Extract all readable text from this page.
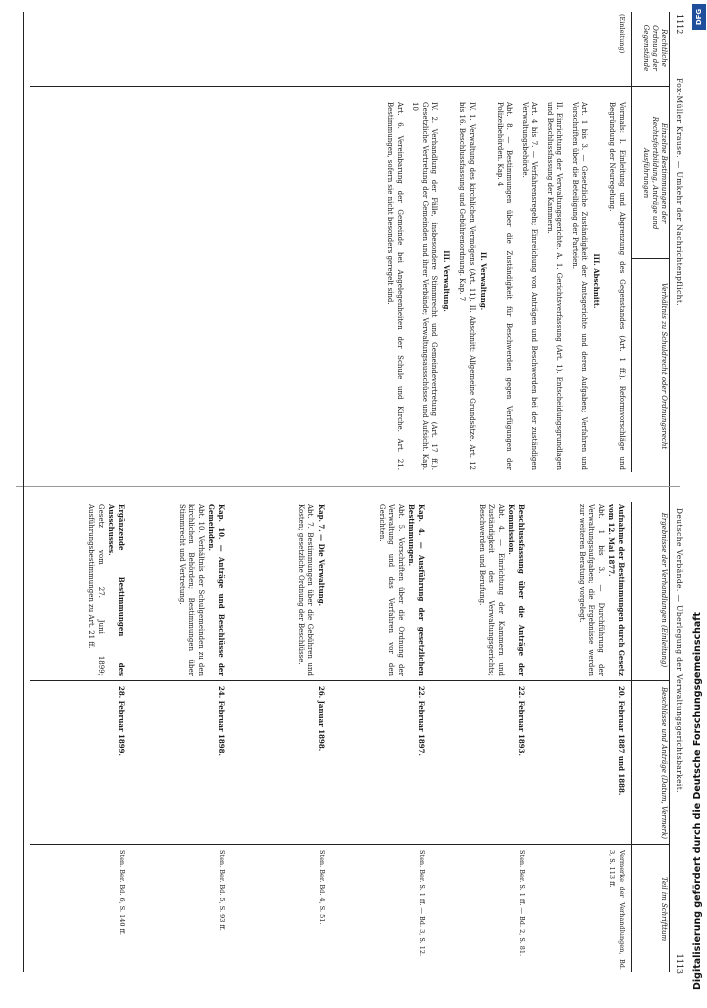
1112
Fox-Müller Krause. — Umkehr der Nachrichtenpflicht.
Deutsche Verbände. — Uberlegung der Verwaltungsgerichtsbarkeit.
1113
Rechtliche Ordnung der Gegenstände
Einzelne Bestimmungen der Rechtsfortbildung, Anträge und Ausführungen
Verhältnis zu Schuldrecht oder Ordnungsrecht
(Einleitung)
Vormals: I. Einleitung und Abgrenzung des Gegenstandes (Art. 1 ff.). Reformvorschläge und Begründung der Neuregelung.
III. Abschnitt.
Art. 1 bis 3. — Gesetzliche Zuständigkeit der Amtsgerichte und deren Aufgaben; Verfahren und Vorschriften über die Beteiligung der Parteien.
II. Einrichtung der Verwaltungsgerichte. A. 1. Gerichtsverfassung (Art. 1). Entscheidungsgrundlagen und Beschlussfassung der Kammern.
Art. 4 bis 7. — Verfahrensregeln; Einreichung von Anträgen und Beschwerden bei der zuständigen Verwaltungsbehörde.
Abt. 8. — Bestimmungen über die Zuständigkeit für Beschwerden gegen Verfügungen der Polizeibehörden. Kap. 4
II. Verwaltung.
IV. 1. Verwaltung des kirchlichen Vermögens (Art. 11). II. Abschnitt: Allgemeine Grundsätze. Art. 12 bis 16. Beschlussfassung und Gebührenordnung. Kap. 7
III. Verwaltung.
IV. 2. Verhandlung der Fälle, insbesondere Stimmrecht und Gemeindevertretung (Art. 17 ff.). Gesetzliche Vertretung der Gemeinden und ihrer Verbände; Verwaltungsausschüsse und Aufsicht. Kap. 10
Art. 6. Vereinbarung der Gemeinde bei Angelegenheiten der Schule und Kirche. Art. 21. Bestimmungen, sofern sie nicht besonders geregelt sind.
Ergebnisse der Verhandlungen (Einleitung)
Beschlüsse und Anträge (Datum, Vermerk)
Teil im Schrifttum
Aufnahme der Bestimmungen durch Gesetz vom 12. Mai 1877.
Abt. 1 bis 3. — Durchführung der Verwaltungsaufgaben; die Ergebnisse werden zur weiteren Beratung vorgelegt.
20. Februar 1887 und 1888.
Vermerke der Verhandlungen, Bd. 3, S. 113 ff.
Beschlussfassung über die Anträge der Kommission.
Abt. 4. — Einrichtung der Kammern und Zuständigkeit des Verwaltungsgerichts; Beschwerden und Berufung.
22. Februar 1893.
Sten. Ber. S. 1 ff. — Bd. 2, S. 81.
Kap. 4. — Ausführung der gesetzlichen Bestimmungen.
Abt. 5. Vorschriften über die Ordnung der Verwaltung und das Verfahren vor den Gerichten.
22. Februar 1897.
Sten. Ber. S. 1 ff. — Bd. 3, S. 12.
Kap. 7. — Die Verwaltung.
Abt. 7. Bestimmungen über die Gebühren und Kosten; gesetzliche Ordnung der Beschlüsse.
26. Januar 1898.
Sten. Ber. Bd. 4, S. 51.
Kap. 10. — Anträge und Beschlüsse der Gemeinden.
Abt. 10. Verhältnis der Schulgemeinden zu den kirchlichen Behörden; Bestimmungen über Stimmrecht und Vertretung.
24. Februar 1898.
Sten. Ber. Bd. 5, S. 93 ff.
Ergänzende Bestimmungen des Ausschusses.
Gesetz vom 27. Juni 1899; Ausführungsbestimmungen zu Art. 21 ff.
28. Februar 1899.
Sten. Ber. Bd. 6, S. 140 ff.
DFG
Digitalisierung gefördert durch die Deutsche Forschungsgemeinschaft
